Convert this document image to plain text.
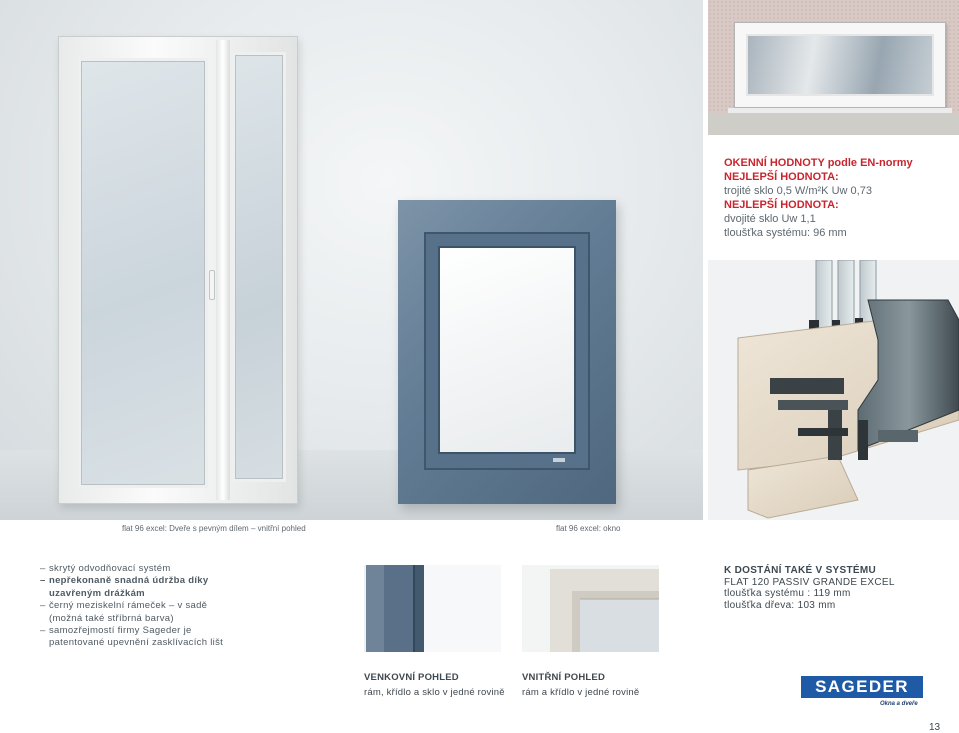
OKENNÍ HODNOTY podle EN-normy
NEJLEPŠÍ HODNOTA:
trojité sklo 0,5 W/m²K Uw 0,73
NEJLEPŠÍ HODNOTA:
dvojité sklo Uw 1,1
tloušťka systému: 96 mm
flat 96 excel: Dveře s pevným dílem – vnitřní pohled	flat 96 excel: okno
– skrytý odvodňovací systém
– nepřekonaně snadná údržba díky
uzavřeným drážkám
– černý meziskelní rámeček – v sadě
(možná také stříbrná barva)
– samozřejmostí firmy Sageder je
patentované upevnění zasklívacích lišt
VENKOVNÍ POHLED
rám, křídlo a sklo v jedné rovině
VNITŘNÍ POHLED
rám a křídlo v jedné rovině
K DOSTÁNÍ TAKÉ V SYSTÉMU
FLAT 120 PASSIV GRANDE EXCEL
tloušťka systému : 119 mm
tloušťka dřeva: 103 mm
SAGEDER
Okna a dveře
13
